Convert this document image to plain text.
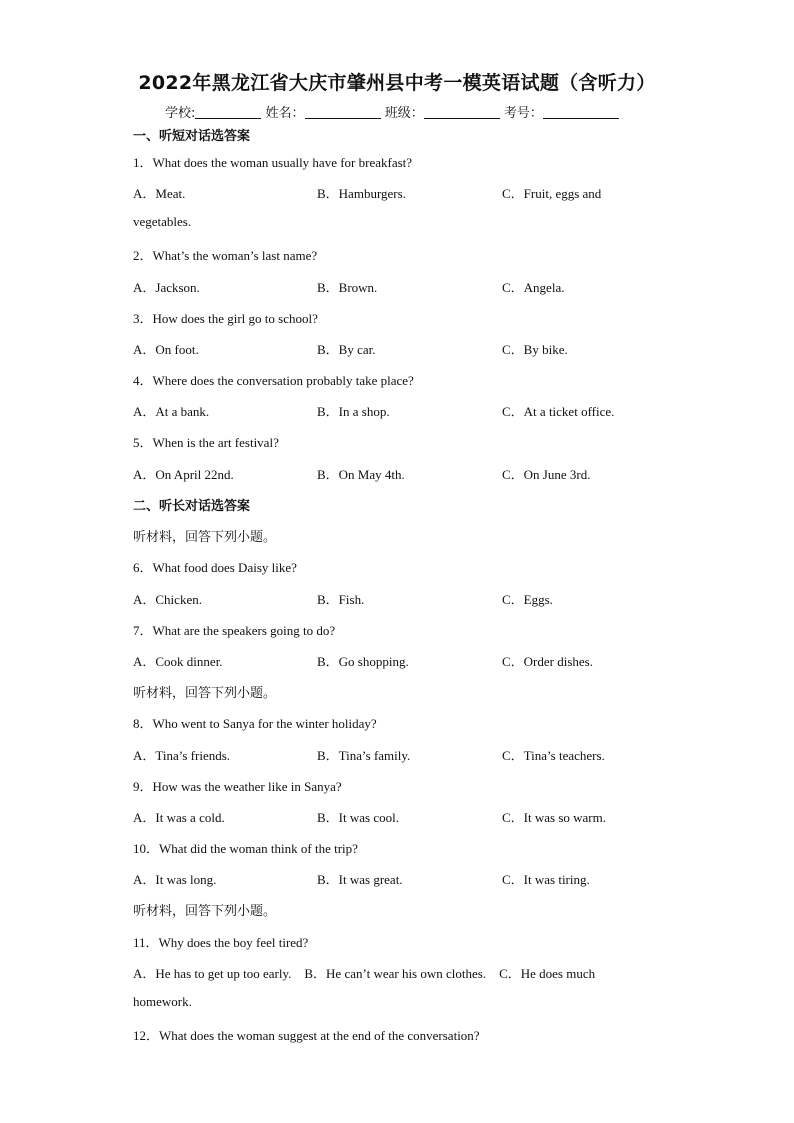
2022年黑龙江省大庆市肇州县中考一模英语试题（含听力）
学校:	姓名：	班级：	考号：
一、听短对话选答案
1．What does the woman usually have for breakfast?
A．Meat.	B．Hamburgers.	C．Fruit, eggs and
vegetables.
2．What’s the woman’s last name?
A．Jackson.	B．Brown.	C．Angela.
3．How does the girl go to school?
A．On foot.	B．By car.	C．By bike.
4．Where does the conversation probably take place?
A．At a bank.	B．In a shop.	C．At a ticket office.
5．When is the art festival?
A．On April 22nd.	B．On May 4th.	C．On June 3rd.
二、听长对话选答案
听材料，回答下列小题。
6．What food does Daisy like?
A．Chicken.	B．Fish.	C．Eggs.
7．What are the speakers going to do?
A．Cook dinner.	B．Go shopping.	C．Order dishes.
听材料，回答下列小题。
8．Who went to Sanya for the winter holiday?
A．Tina’s friends.	B．Tina’s family.	C．Tina’s teachers.
9．How was the weather like in Sanya?
A．It was a cold.	B．It was cool.	C．It was so warm.
10．What did the woman think of the trip?
A．It was long.	B．It was great.	C．It was tiring.
听材料，回答下列小题。
11．Why does the boy feel tired?
A．He has to get up too early.    B．He can’t wear his own clothes.    C．He does much
homework.
12．What does the woman suggest at the end of the conversation?
